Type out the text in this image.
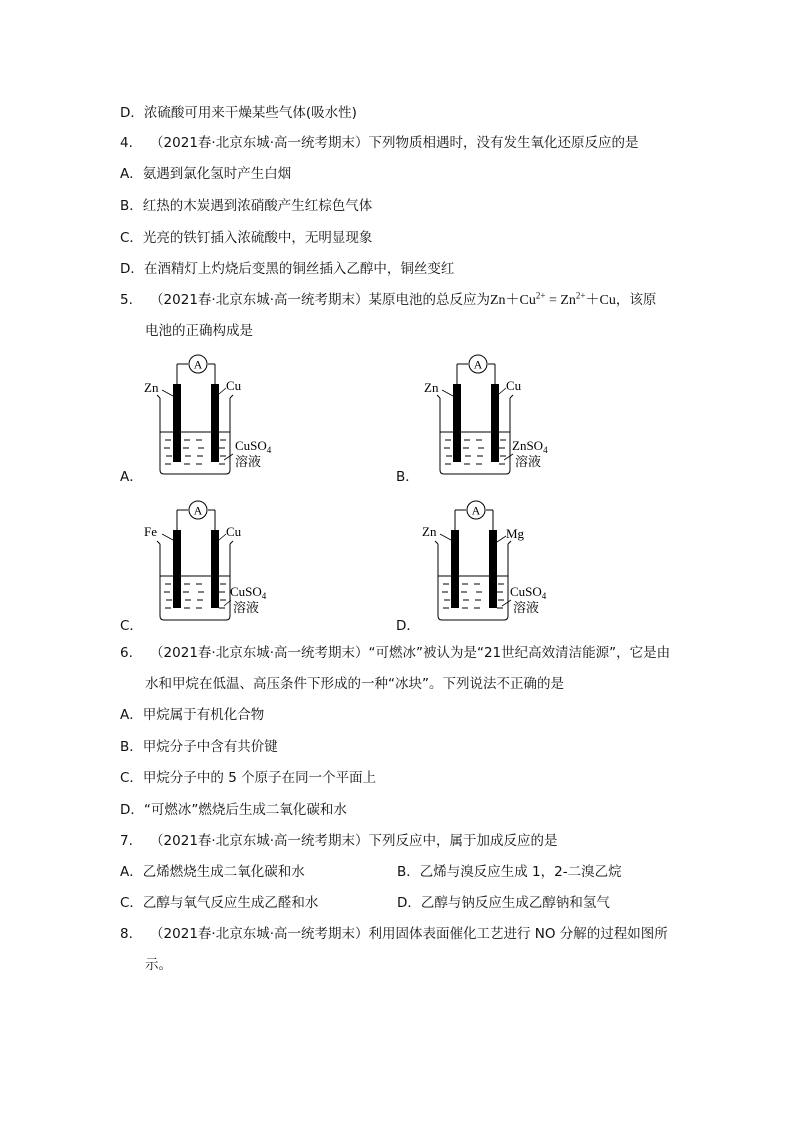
D．浓硫酸可用来干燥某些气体(吸水性)
4.    （2021春·北京东城·高一统考期末）下列物质相遇时，没有发生氧化还原反应的是
A．氨遇到氯化氢时产生白烟
B．红热的木炭遇到浓硝酸产生红棕色气体
C．光亮的铁钉插入浓硫酸中，无明显现象
D．在酒精灯上灼烧后变黑的铜丝插入乙醇中，铜丝变红
5.    （2021春·北京东城·高一统考期末）某原电池的总反应为$Zn+Cu^{2+} = Zn^{2+}+Cu$，该原
电池的正确构成是
A．
A
Zn	Cu
CuSO$_4$
溶液
B．
A
Zn	Cu
ZnSO$_4$
溶液
C．
A
Fe	Cu
CuSO$_4$
溶液
D．
A
Zn	Mg
CuSO$_4$
溶液
6.    （2021春·北京东城·高一统考期末）“可燃冰”被认为是“21世纪高效清洁能源”，它是由
水和甲烷在低温、高压条件下形成的一种“冰块”。下列说法不正确的是
A．甲烷属于有机化合物
B．甲烷分子中含有共价键
C．甲烷分子中的 5 个原子在同一个平面上
D．“可燃冰”燃烧后生成二氧化碳和水
7.    （2021春·北京东城·高一统考期末）下列反应中，属于加成反应的是
A．乙烯燃烧生成二氧化碳和水	B．乙烯与溴反应生成 1，2-二溴乙烷
C．乙醇与氧气反应生成乙醛和水	D．乙醇与钠反应生成乙醇钠和氢气
8.    （2021春·北京东城·高一统考期末）利用固体表面催化工艺进行 NO 分解的过程如图所
示。
